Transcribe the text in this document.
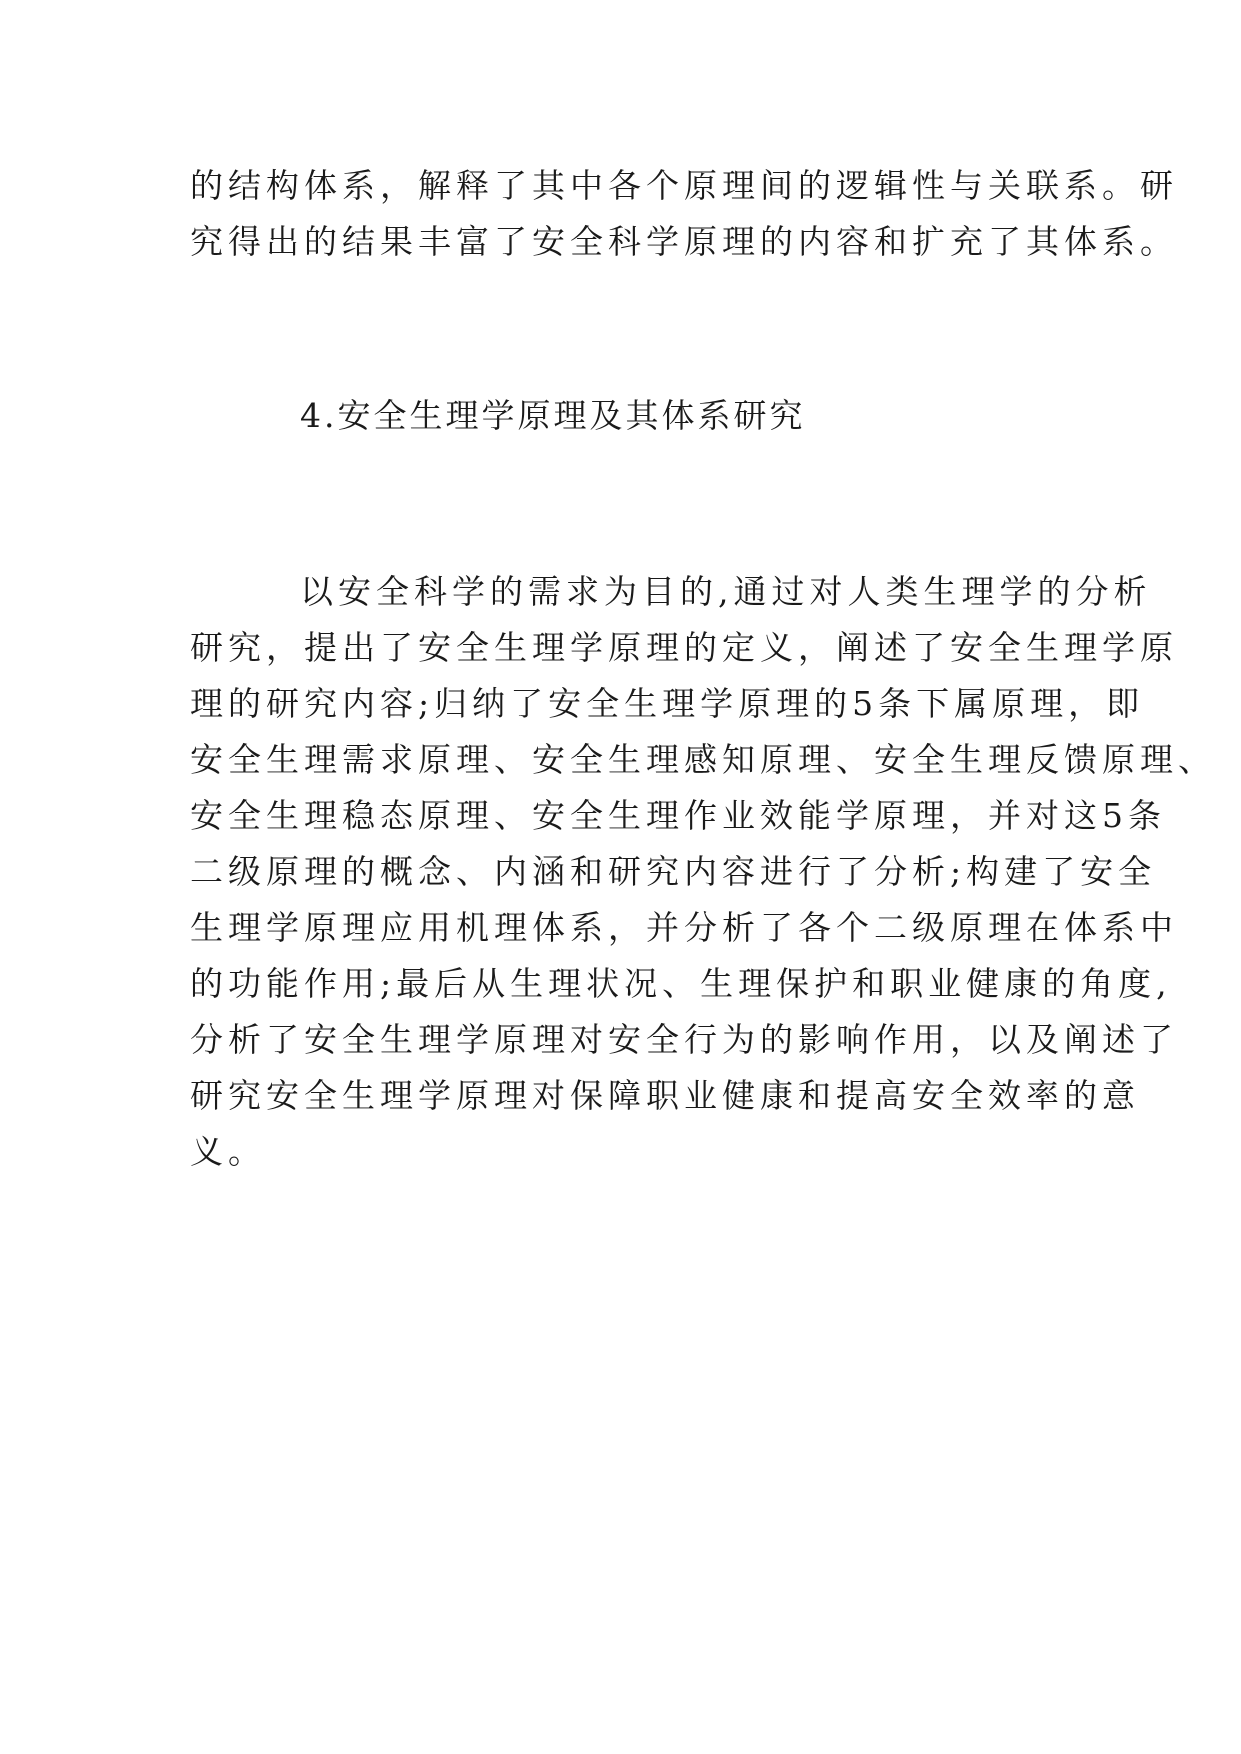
的结构体系，解释了其中各个原理间的逻辑性与关联系。研
究得出的结果丰富了安全科学原理的内容和扩充了其体系。
4.安全生理学原理及其体系研究
以安全科学的需求为目的,通过对人类生理学的分析
研究，提出了安全生理学原理的定义，阐述了安全生理学原
理的研究内容;归纳了安全生理学原理的5条下属原理，即
安全生理需求原理、安全生理感知原理、安全生理反馈原理、
安全生理稳态原理、安全生理作业效能学原理，并对这5条
二级原理的概念、内涵和研究内容进行了分析;构建了安全
生理学原理应用机理体系，并分析了各个二级原理在体系中
的功能作用;最后从生理状况、生理保护和职业健康的角度,
分析了安全生理学原理对安全行为的影响作用，以及阐述了
研究安全生理学原理对保障职业健康和提高安全效率的意
义。
